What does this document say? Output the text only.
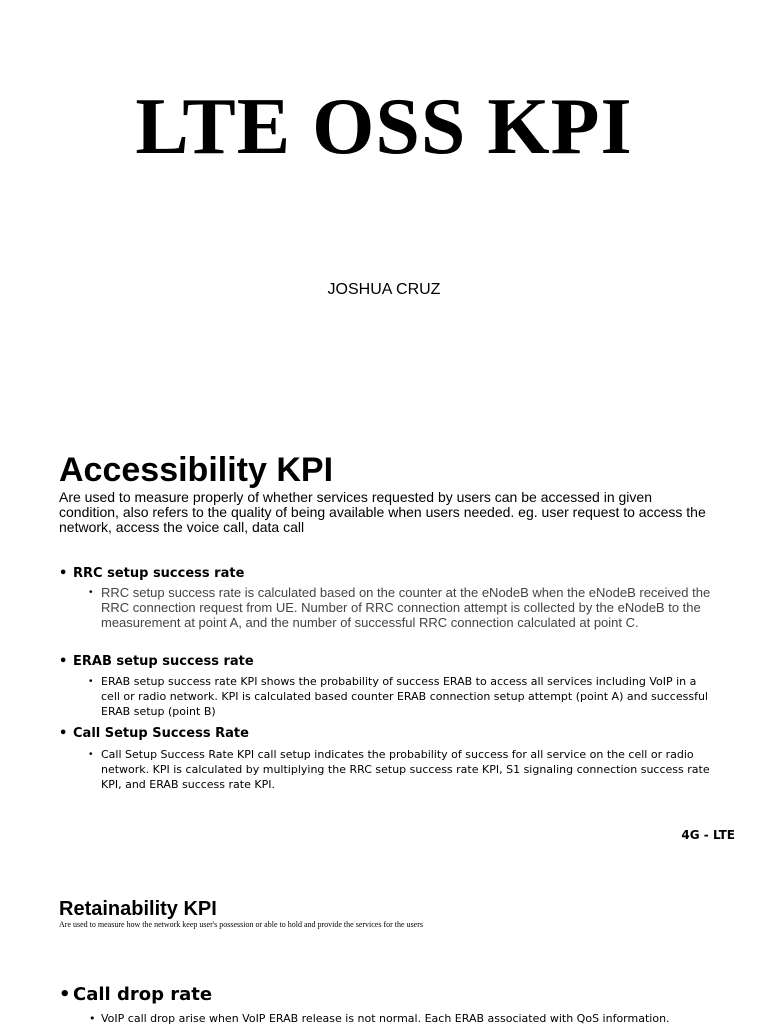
LTE OSS KPI
JOSHUA CRUZ
Accessibility KPI
Are used to measure properly of whether services requested by users can be accessed in given condition, also refers to the quality of being available when users needed. eg. user request to access the network, access the voice call, data call
• RRC setup success rate
• RRC setup success rate is calculated based on the counter at the eNodeB when the eNodeB received the RRC connection request from UE. Number of RRC connection attempt is collected by the eNodeB to the measurement at point A, and the number of successful RRC connection calculated at point C.
• ERAB setup success rate
• ERAB setup success rate KPI shows the probability of success ERAB to access all services including VoIP in a cell or radio network. KPI is calculated based counter ERAB connection setup attempt (point A) and successful ERAB setup (point B)
• Call Setup Success Rate
• Call Setup Success Rate KPI call setup indicates the probability of success for all service on the cell or radio network. KPI is calculated by multiplying the RRC setup success rate KPI, S1 signaling connection success rate KPI, and ERAB success rate KPI.
4G - LTE
Retainability KPI
Are used to measure how the network keep user's possession or able to hold and provide the services for the users
• Call drop rate
• VoIP call drop arise when VoIP ERAB release is not normal. Each ERAB associated with QoS information.
